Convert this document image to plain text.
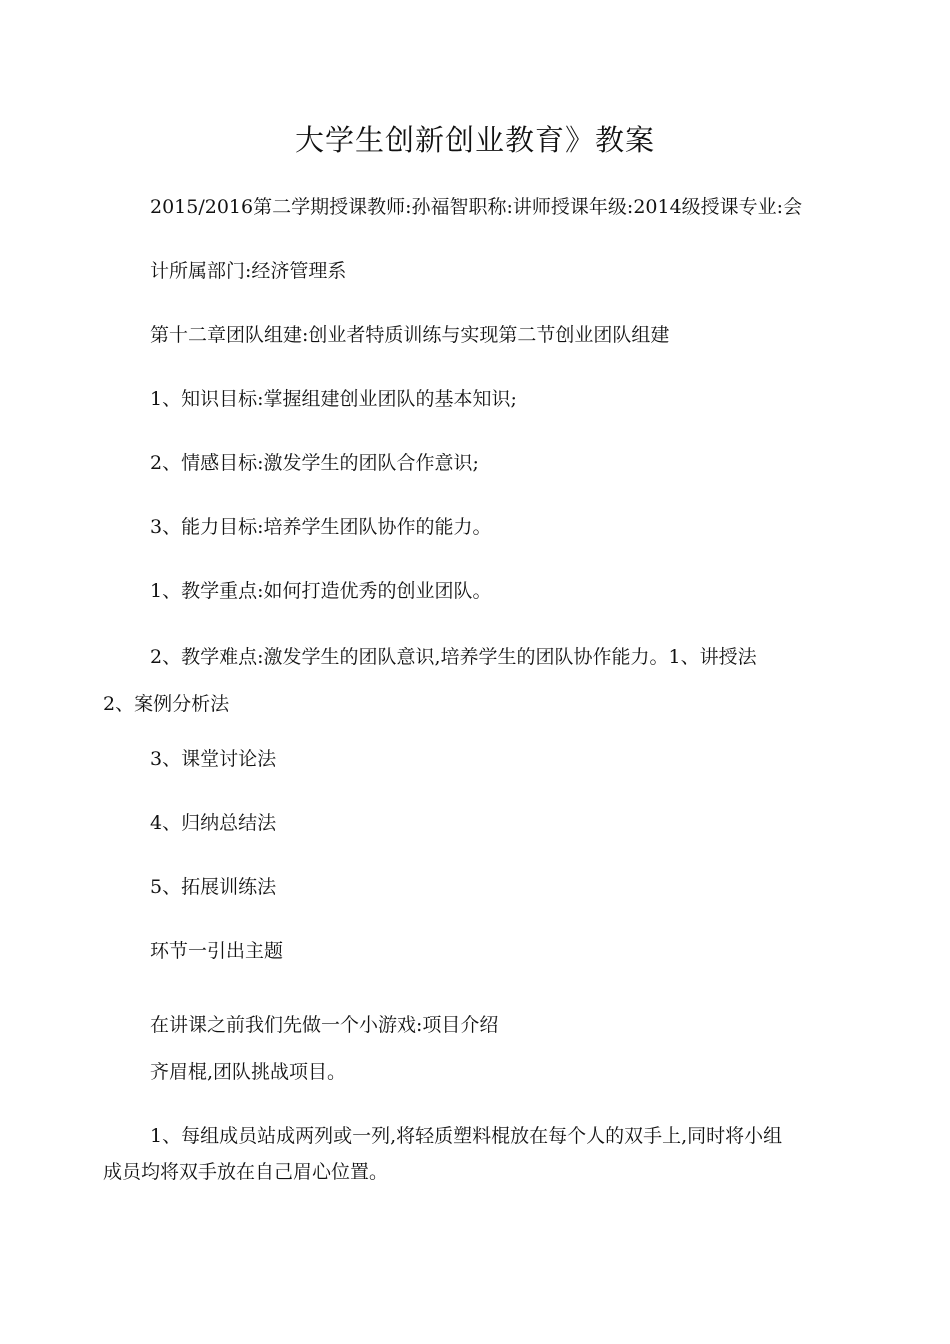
大学生创新创业教育》教案
2015/2016第二学期授课教师:孙福智职称:讲师授课年级:2014级授课专业:会
计所属部门:经济管理系
第十二章团队组建:创业者特质训练与实现第二节创业团队组建
1、知识目标:掌握组建创业团队的基本知识;
2、情感目标:激发学生的团队合作意识;
3、能力目标:培养学生团队协作的能力。
1、教学重点:如何打造优秀的创业团队。
2、教学难点:激发学生的团队意识,培养学生的团队协作能力。1、讲授法
2、案例分析法
3、课堂讨论法
4、归纳总结法
5、拓展训练法
环节一引出主题
在讲课之前我们先做一个小游戏:项目介绍
齐眉棍,团队挑战项目。
1、每组成员站成两列或一列,将轻质塑料棍放在每个人的双手上,同时将小组
成员均将双手放在自己眉心位置。
